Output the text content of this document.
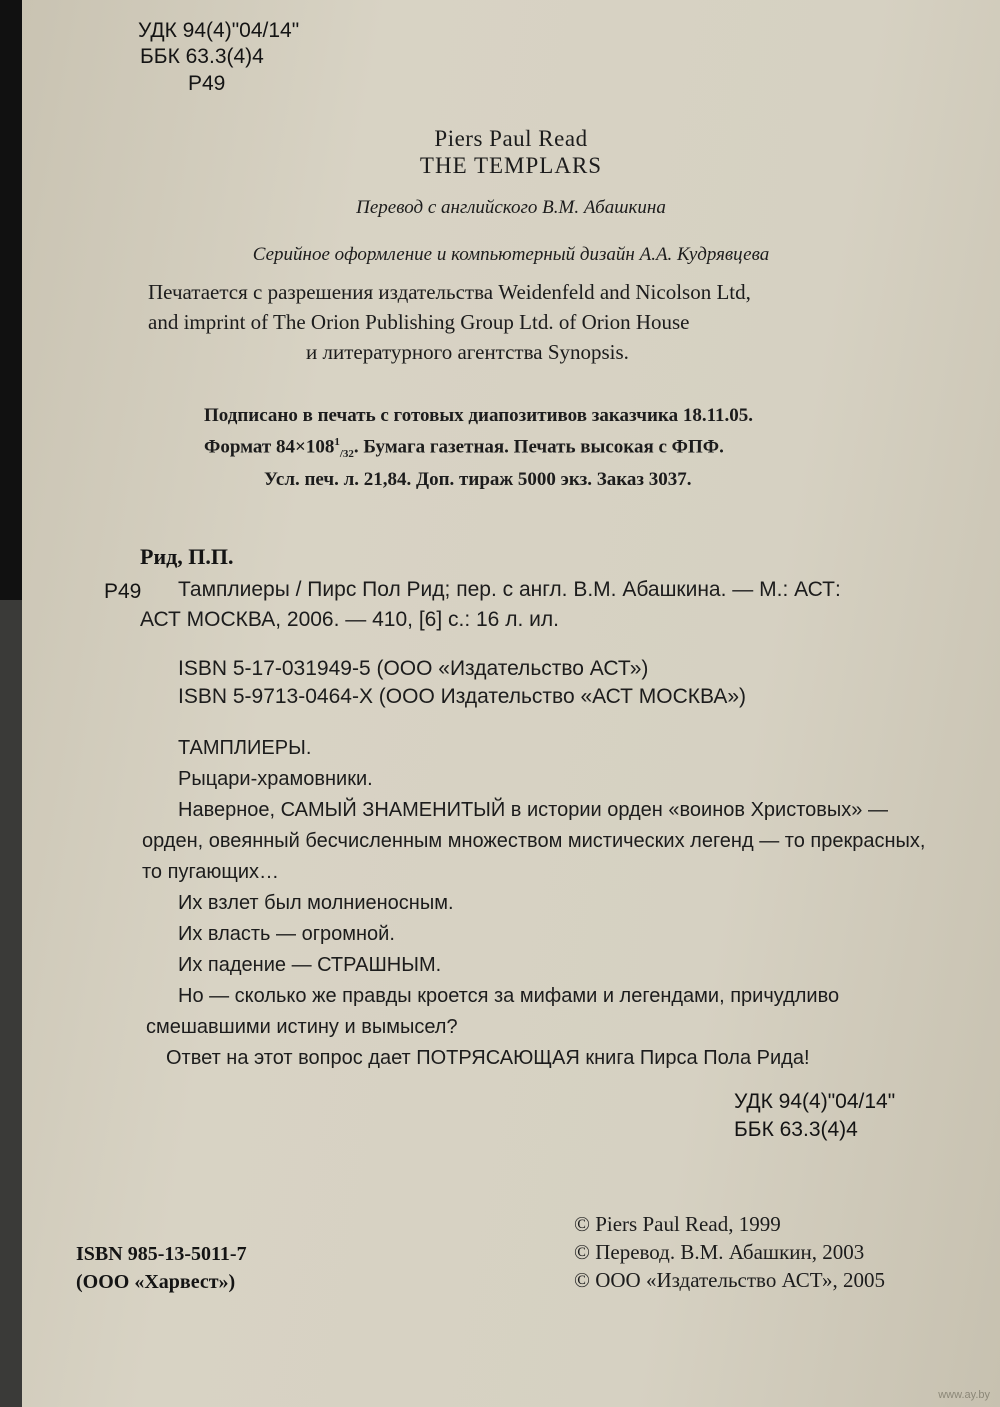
УДК 94(4)"04/14"
ББК 63.3(4)4
Р49
Piers Paul Read
THE TEMPLARS
Перевод с английского В.М. Абашкина
Серийное оформление и компьютерный дизайн А.А. Кудрявцева
Печатается с разрешения издательства Weidenfeld and Nicolson Ltd,
and imprint of The Orion Publishing Group Ltd. of Orion House
и литературного агентства Synopsis.
Подписано в печать с готовых диапозитивов заказчика 18.11.05.
Формат $84\times 108^1_{/32}$. Бумага газетная. Печать высокая с ФПФ.
Усл. печ. л. 21,84. Доп. тираж 5000 экз. Заказ 3037.
Рид, П.П.
Р49 Тамплиеры / Пирс Пол Рид; пер. с англ. В.М. Абашкина. — М.: АСТ:
АСТ МОСКВА, 2006. — 410, [6] с.: 16 л. ил.
ISBN 5-17-031949-5 (ООО «Издательство АСТ»)
ISBN 5-9713-0464-Х (ООО Издательство «АСТ МОСКВА»)

ТАМПЛИЕРЫ.

Рыцари-храмовники.

Наверное, САМЫЙ ЗНАМЕНИТЫЙ в истории орден «воинов Христовых» —

орден, овеянный бесчисленным множеством мистических легенд — то прекрасных,

то пугающих…

Их взлет был молниеносным.

Их власть — огромной.

Их падение — СТРАШНЫМ.

Но — сколько же правды кроется за мифами и легендами, причудливо

смешавшими истину и вымысел?

Ответ на этот вопрос дает ПОТРЯСАЮЩАЯ книга Пирса Пола Рида!

УДК 94(4)"04/14"
ББК 63.3(4)4
ISBN 985-13-5011-7
(ООО «Харвест»)
© Piers Paul Read, 1999
© Перевод. В.М. Абашкин, 2003
© ООО «Издательство АСТ», 2005
www.ay.by
